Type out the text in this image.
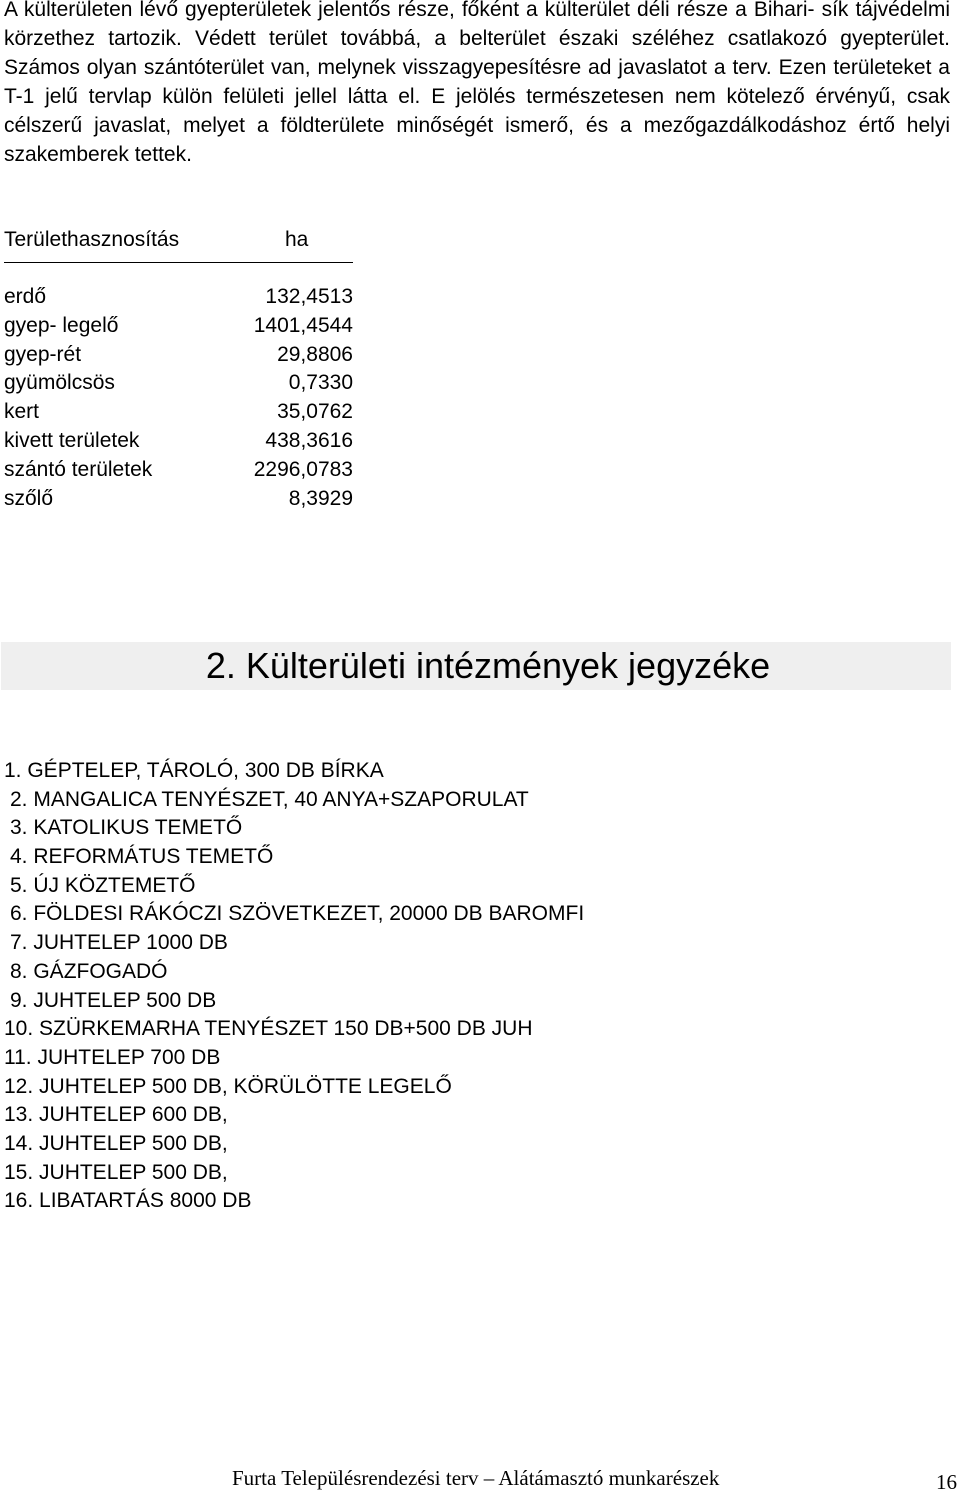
A külterületen lévő gyepterületek jelentős része, főként a külterület déli része a Bihari- sík tájvédelmi körzethez tartozik. Védett terület továbbá, a belterület északi széléhez csatlakozó gyepterület. Számos olyan szántóterület van, melynek visszagyepesítésre ad javaslatot a terv. Ezen területeket a T-1 jelű tervlap külön felületi jellel látta el. E jelölés természetesen nem kötelező érvényű, csak célszerű javaslat, melyet a földterülete minőségét ismerő, és a mezőgazdálkodáshoz értő helyi szakemberek tettek.

Területhasznosítás	ha
erdő	132,4513
gyep- legelő	1401,4544
gyep-rét	29,8806
gyümölcsös	0,7330
kert	35,0762
kivett területek	438,3616
szántó területek	2296,0783
szőlő	8,3929
2. Külterületi intézmények jegyzéke
1. GÉPTELEP, TÁROLÓ, 300 DB BÍRKA
2. MANGALICA TENYÉSZET, 40 ANYA+SZAPORULAT
3. KATOLIKUS TEMETŐ
4. REFORMÁTUS TEMETŐ
5. ÚJ KÖZTEMETŐ
6. FÖLDESI RÁKÓCZI SZÖVETKEZET, 20000 DB BAROMFI
7. JUHTELEP 1000 DB
8. GÁZFOGADÓ
9. JUHTELEP 500 DB
10. SZÜRKEMARHA TENYÉSZET 150 DB+500 DB JUH
11. JUHTELEP 700 DB
12. JUHTELEP 500 DB, KÖRÜLÖTTE LEGELŐ
13. JUHTELEP 600 DB,
14. JUHTELEP 500 DB,
15. JUHTELEP 500 DB,
16. LIBATARTÁS 8000 DB
Furta Településrendezési terv – Alátámasztó munkarészek	16
